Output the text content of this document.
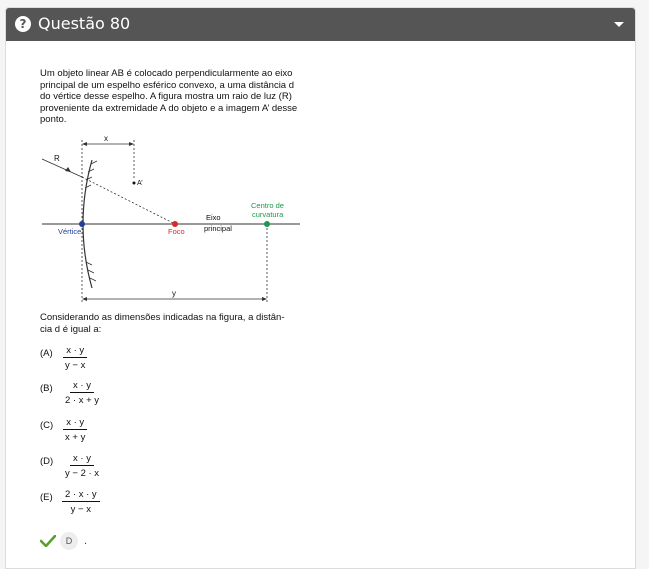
? Questão 80

Um objeto linear AB é colocado perpendicularmente ao eixo

principal de um espelho esférico convexo, a uma distância d

do vértice desse espelho. A figura mostra um raio de luz (R)

proveniente da extremidade A do objeto e a imagem A’ desse

ponto.

x
y
R
A’
Vértice	Foco
Eixo
principal
Centro de
curvatura
Considerando as dimensões indicadas na figura, a distân-
cia d é igual a:
$(A) \frac{x \cdot y}{y - x}$
$(B) \frac{x \cdot y}{2 \cdot x + y}$
$(C) \frac{x \cdot y}{x + y}$
$(D) \frac{x \cdot y}{y - 2 \cdot x}$
$(E) \frac{2 \cdot x \cdot y}{y - x}$
D	.
